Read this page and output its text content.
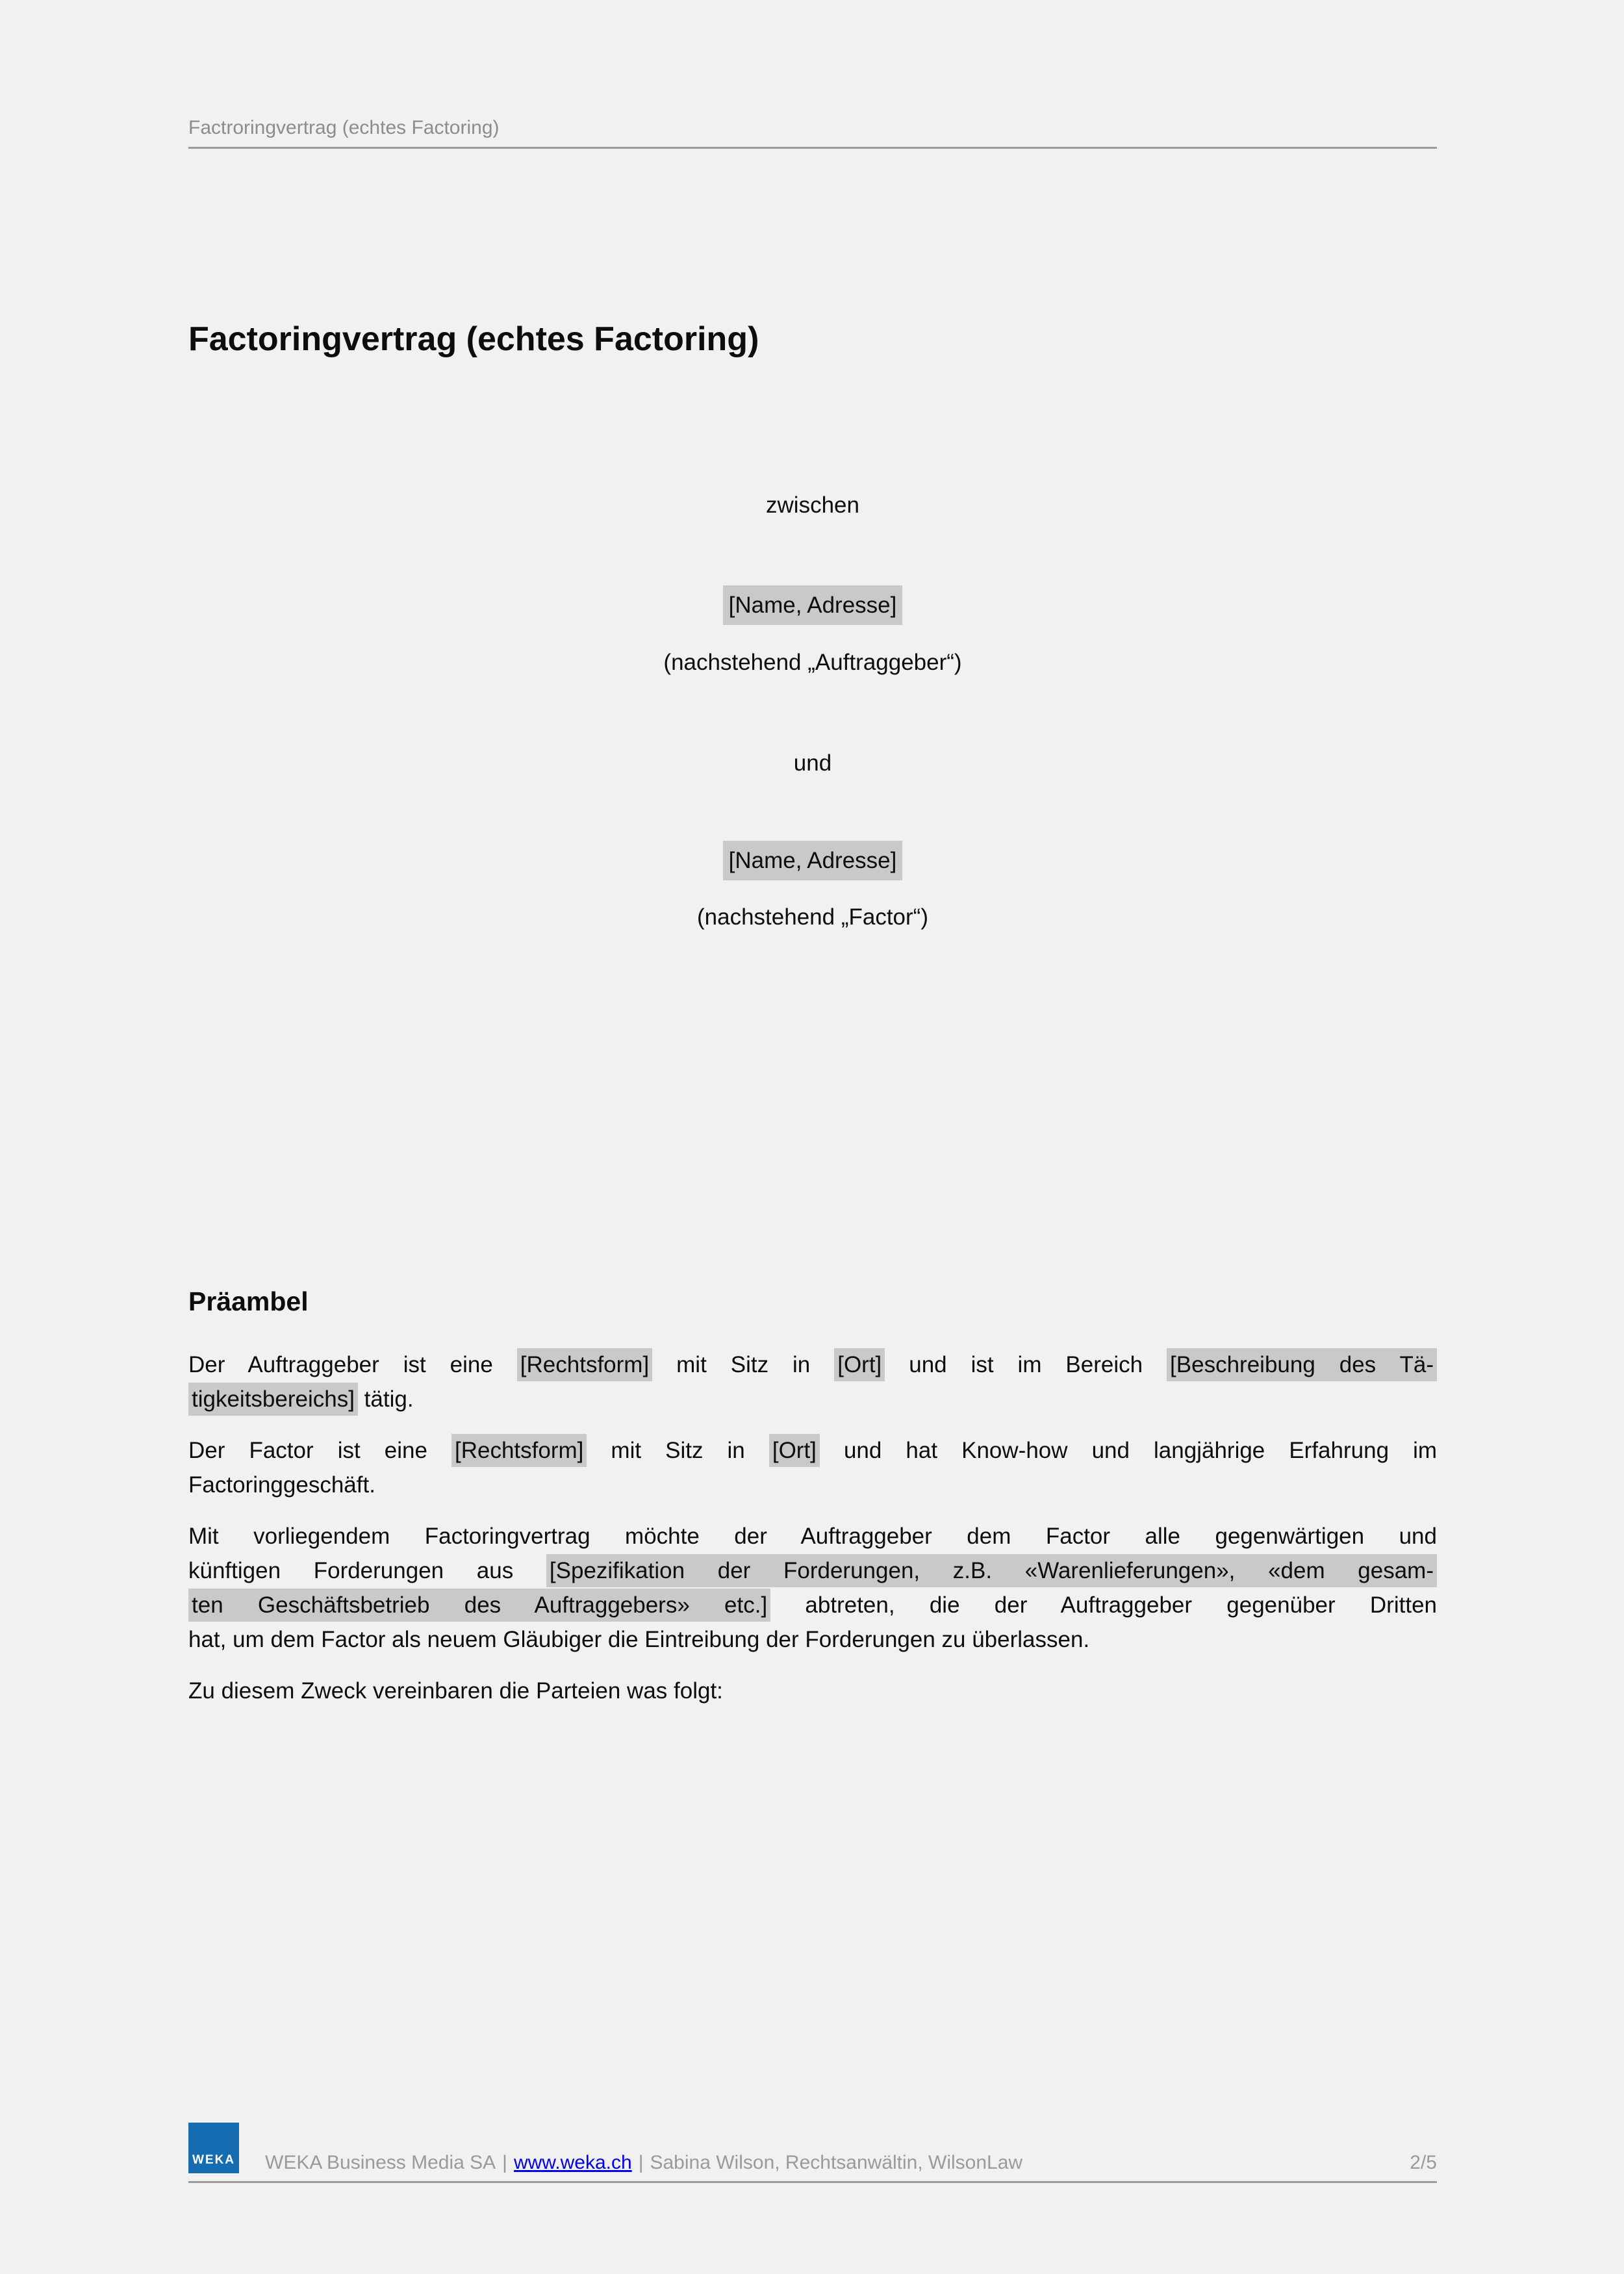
Factroringvertrag (echtes Factoring)
Factoringvertrag (echtes Factoring)
zwischen
[Name, Adresse]
(nachstehend „Auftraggeber“)
und
[Name, Adresse]
(nachstehend „Factor“)
Präambel
Der Auftraggeber ist eine [Rechtsform] mit Sitz in [Ort] und ist im Bereich [Beschreibung des Tä-
tigkeitsbereichs] tätig.
Der Factor ist eine [Rechtsform] mit Sitz in [Ort] und hat Know-how und langjährige Erfahrung im
Factoringgeschäft.
Mit vorliegendem Factoringvertrag möchte der Auftraggeber dem Factor alle gegenwärtigen und
künftigen Forderungen aus [Spezifikation der Forderungen, z.B. «Warenlieferungen», «dem gesam-
ten Geschäftsbetrieb des Auftraggebers» etc.] abtreten, die der Auftraggeber gegenüber Dritten
hat, um dem Factor als neuem Gläubiger die Eintreibung der Forderungen zu überlassen.
Zu diesem Zweck vereinbaren die Parteien was folgt:
WEKA WEKA Business Media SA | www.weka.ch | Sabina Wilson, Rechtsanwältin, WilsonLaw	2/5
